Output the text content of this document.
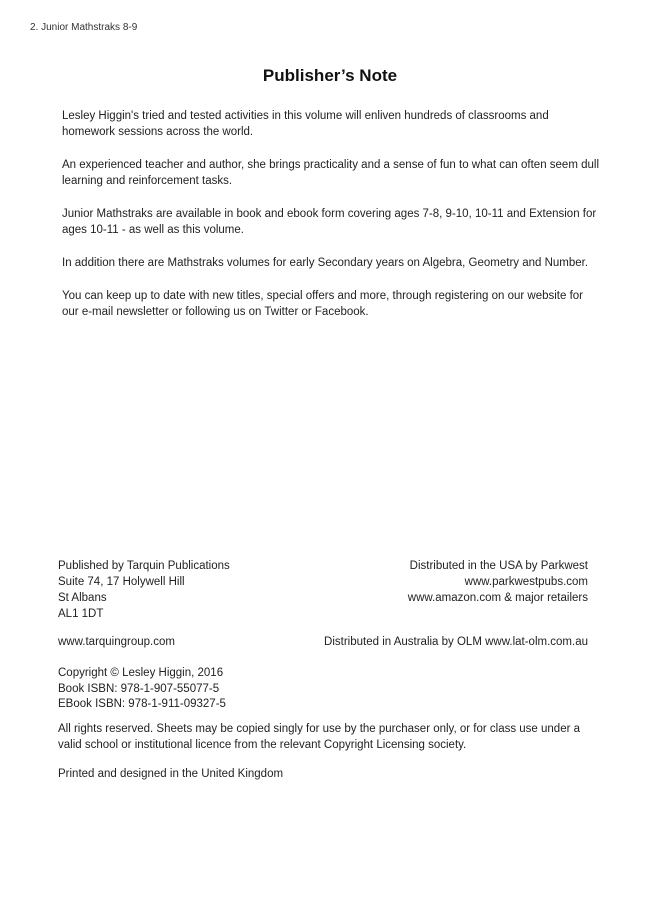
2. Junior Mathstraks 8-9
Publisher’s Note

Lesley Higgin's tried and tested activities in this volume will enliven hundreds of classrooms and homework sessions across the world.

An experienced teacher and author, she brings practicality and a sense of fun to what can often seem dull learning and reinforcement tasks.

Junior Mathstraks are available in book and ebook form covering ages 7-8, 9-10, 10-11 and Extension for ages 10-11 - as well as this volume.

In addition there are Mathstraks volumes for early Secondary years on Algebra, Geometry and Number.

You can keep up to date with new titles, special offers and more, through registering on our website for our e-mail newsletter or following us on Twitter or Facebook.

Published by Tarquin Publications
Suite 74, 17 Holywell Hill
St Albans
AL1 1DT
Distributed in the USA by Parkwest
www.parkwestpubs.com
www.amazon.com & major retailers
www.tarquingroup.com	Distributed in Australia by OLM www.lat-olm.com.au
Copyright © Lesley Higgin, 2016
Book ISBN: 978-1-907-55077-5
EBook ISBN: 978-1-911-09327-5
All rights reserved. Sheets may be copied singly for use by the purchaser only, or for class use under a valid school or institutional licence from the relevant Copyright Licensing society.
Printed and designed in the United Kingdom
